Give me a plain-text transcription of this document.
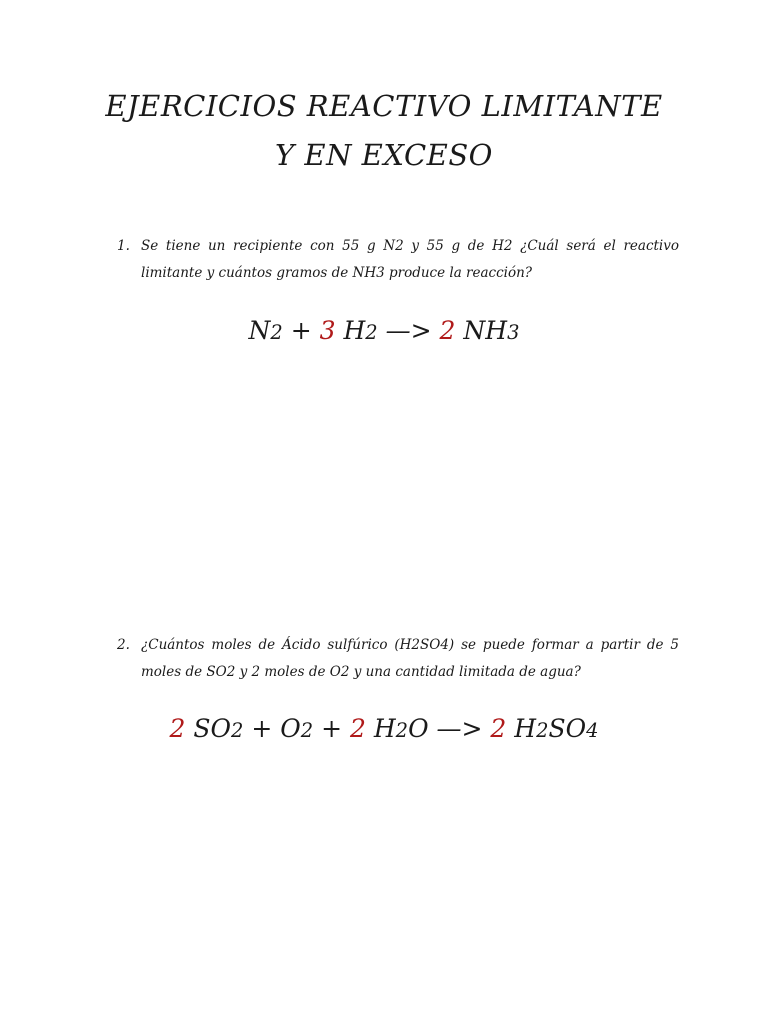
EJERCICIOS REACTIVO LIMITANTE
Y EN EXCESO
1. Se tiene un recipiente con 55 g N2 y 55 g de H2 ¿Cuál será el reactivo limitante y cuántos gramos de NH3 produce la reacción?
N2 + 3 H2 —> 2 NH3
2. ¿Cuántos moles de Ácido sulfúrico (H2SO4) se puede formar a partir de 5 moles de SO2 y 2 moles de O2 y una cantidad limitada de agua?
2 SO2 + O2 + 2 H2O —> 2 H2SO4
